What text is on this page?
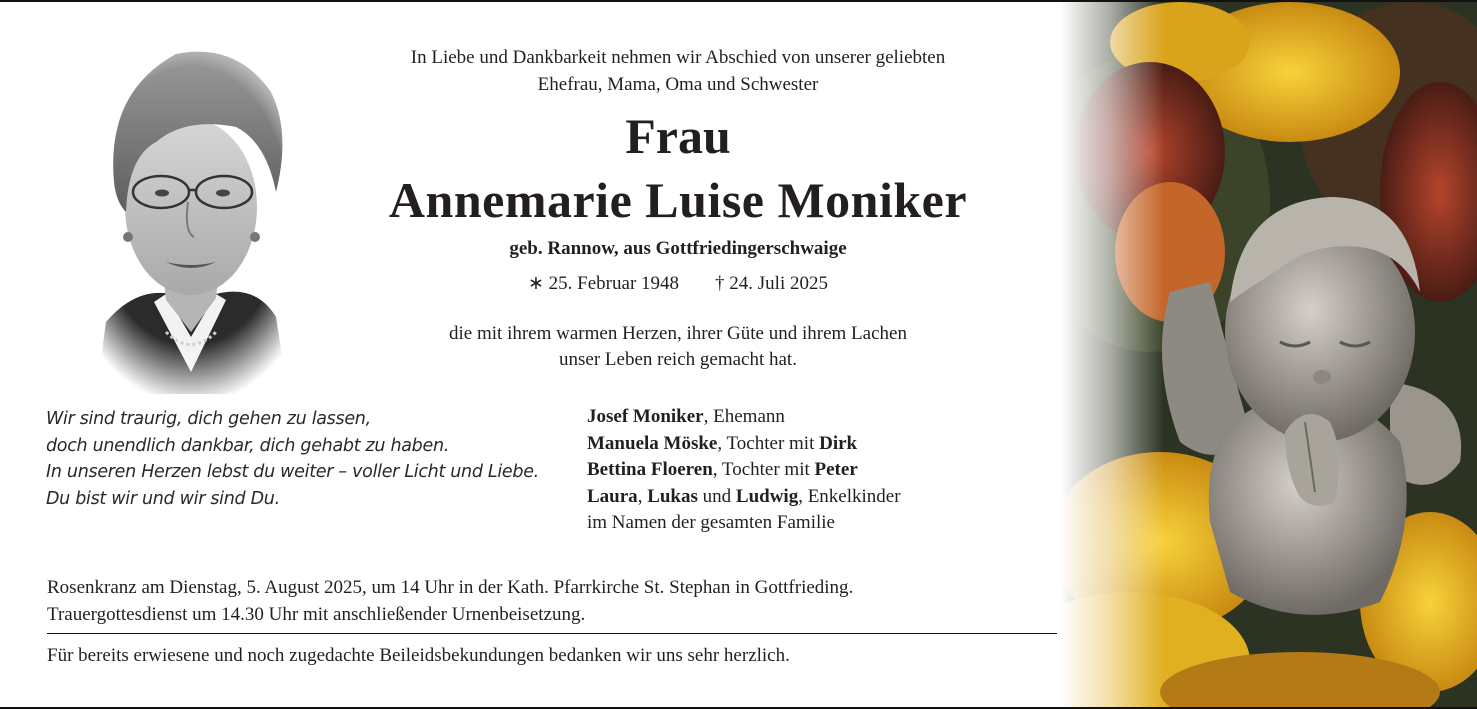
In Liebe und Dankbarkeit nehmen wir Abschied von unserer geliebten
Ehefrau, Mama, Oma und Schwester
Frau
Annemarie Luise Moniker
geb. Rannow, aus Gottfriedingerschwaige
∗ 25. Februar 1948 † 24. Juli 2025
die mit ihrem warmen Herzen, ihrer Güte und ihrem Lachen
unser Leben reich gemacht hat.
Wir sind traurig, dich gehen zu lassen,
doch unendlich dankbar, dich gehabt zu haben.
In unseren Herzen lebst du weiter – voller Licht und Liebe.
Du bist wir und wir sind Du.
Josef Moniker, Ehemann
Manuela Möske, Tochter mit Dirk
Bettina Floeren, Tochter mit Peter
Laura, Lukas und Ludwig, Enkelkinder
im Namen der gesamten Familie
Rosenkranz am Dienstag, 5. August 2025, um 14 Uhr in der Kath. Pfarrkirche St. Stephan in Gottfrieding.
Trauergottesdienst um 14.30 Uhr mit anschließender Urnenbeisetzung.
Für bereits erwiesene und noch zugedachte Beileidsbekundungen bedanken wir uns sehr herzlich.
